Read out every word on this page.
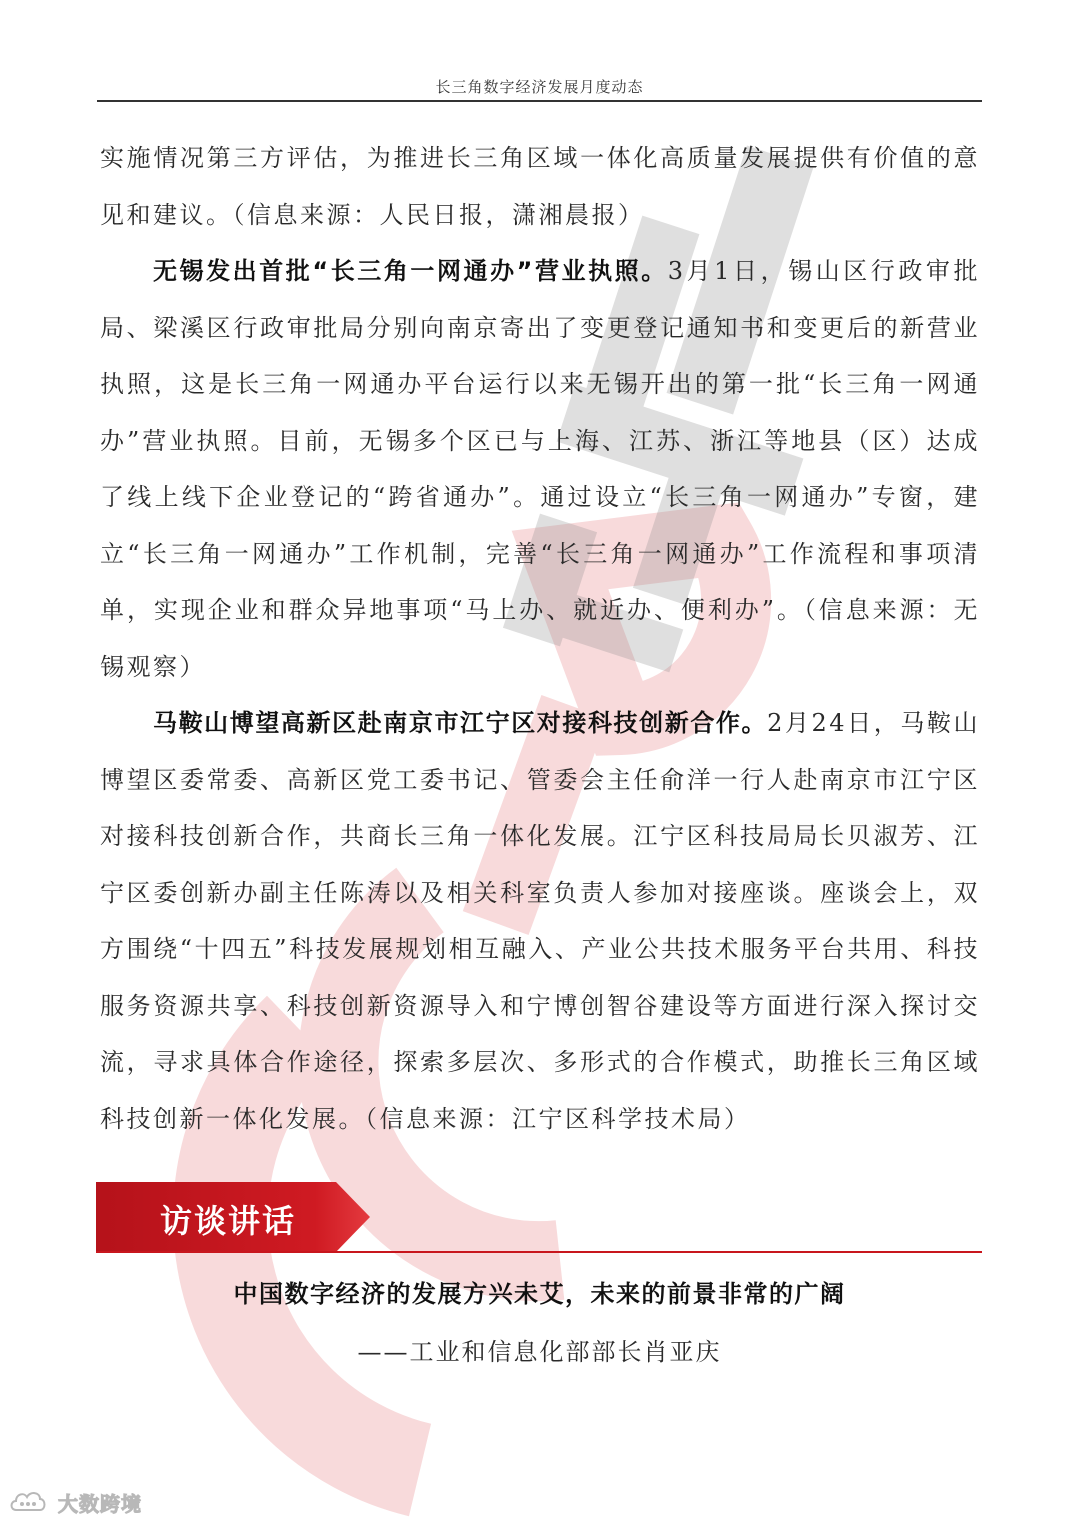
长三角数字经济发展月度动态

实施情况第三方评估，为推进长三角区域一体化高质量发展提供有价值的意见和建议。（信息来源：人民日报，潇湘晨报）

无锡发出首批“长三角一网通办”营业执照。3月1日，锡山区行政审批局、梁溪区行政审批局分别向南京寄出了变更登记通知书和变更后的新营业执照，这是长三角一网通办平台运行以来无锡开出的第一批“长三角一网通办”营业执照。目前，无锡多个区已与上海、江苏、浙江等地县（区）达成了线上线下企业登记的“跨省通办”。通过设立“长三角一网通办”专窗，建立“长三角一网通办”工作机制，完善“长三角一网通办”工作流程和事项清单，实现企业和群众异地事项“马上办、就近办、便利办”。（信息来源：无锡观察）

马鞍山博望高新区赴南京市江宁区对接科技创新合作。2月24日，马鞍山博望区委常委、高新区党工委书记、管委会主任俞洋一行人赴南京市江宁区对接科技创新合作，共商长三角一体化发展。江宁区科技局局长贝淑芳、江宁区委创新办副主任陈涛以及相关科室负责人参加对接座谈。座谈会上，双方围绕“十四五”科技发展规划相互融入、产业公共技术服务平台共用、科技服务资源共享、科技创新资源导入和宁博创智谷建设等方面进行深入探讨交流，寻求具体合作途径，探索多层次、多形式的合作模式，助推长三角区域科技创新一体化发展。（信息来源：江宁区科学技术局）

访谈讲话
中国数字经济的发展方兴未艾，未来的前景非常的广阔
——工业和信息化部部长肖亚庆
大数跨境
